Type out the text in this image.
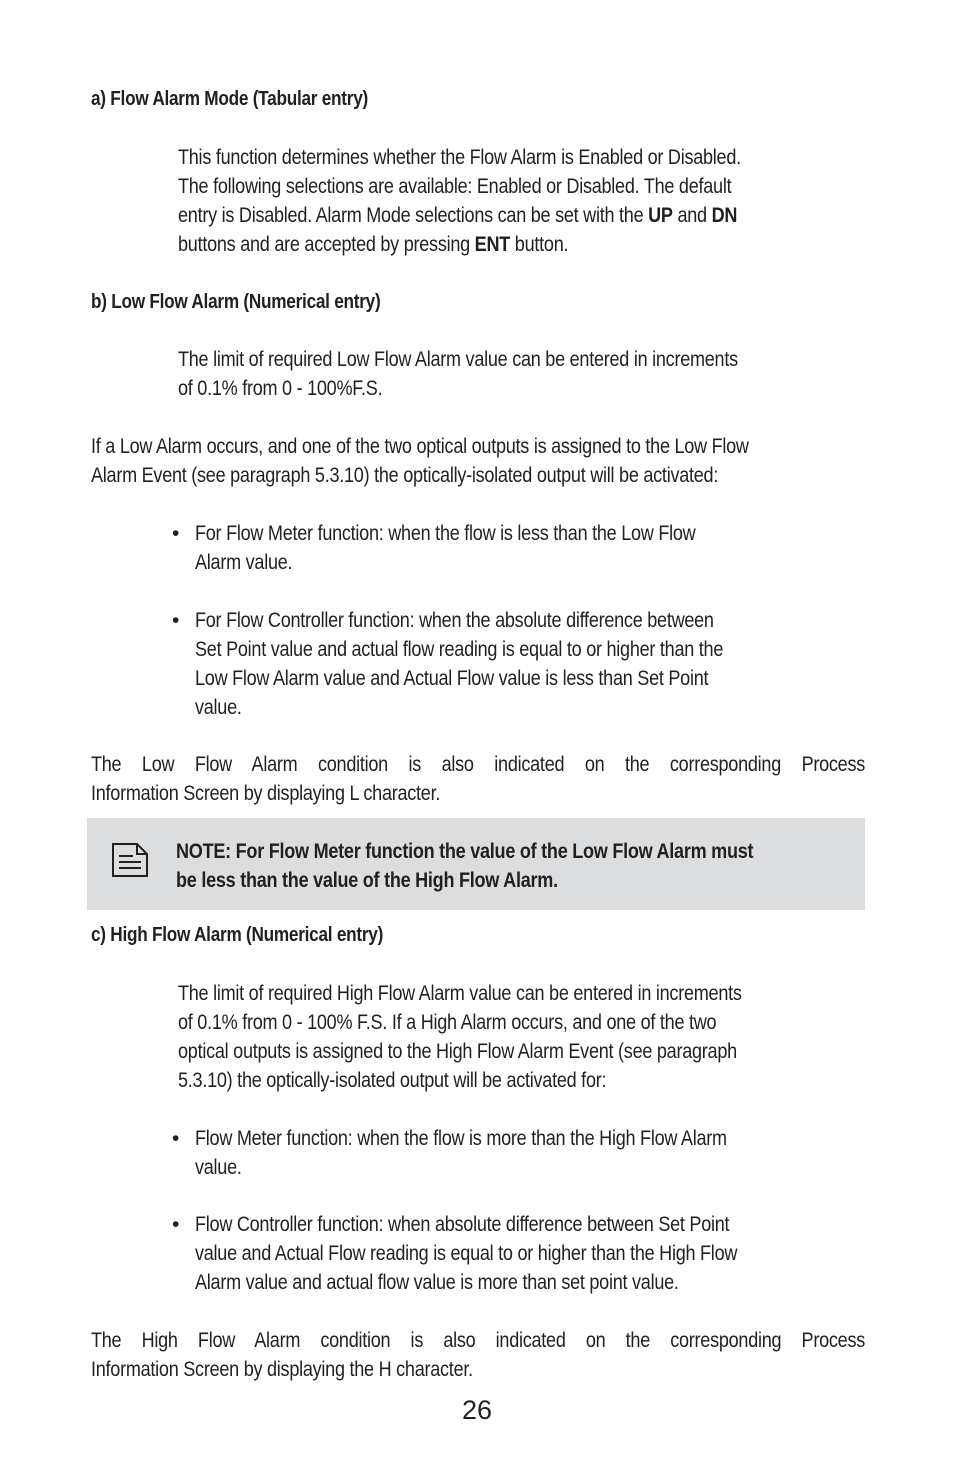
a) Flow Alarm Mode (Tabular entry)
This function determines whether the Flow Alarm is Enabled or Disabled.
The following selections are available: Enabled or Disabled. The default
entry is Disabled. Alarm Mode selections can be set with the UP and DN
buttons and are accepted by pressing ENT button.
b) Low Flow Alarm (Numerical entry)
The limit of required Low Flow Alarm value can be entered in increments
of 0.1% from 0 - 100%F.S.
If a Low Alarm occurs, and one of the two optical outputs is assigned to the Low Flow
Alarm Event (see paragraph 5.3.10) the optically-isolated output will be activated:
• For Flow Meter function: when the flow is less than the Low Flow
Alarm value.
• For Flow Controller function: when the absolute difference between
Set Point value and actual flow reading is equal to or higher than the
Low Flow Alarm value and Actual Flow value is less than Set Point
value.
The Low Flow Alarm condition is also indicated on the corresponding Process
Information Screen by displaying L character.
NOTE: For Flow Meter function the value of the Low Flow Alarm must
be less than the value of the High Flow Alarm.
c) High Flow Alarm (Numerical entry)
The limit of required High Flow Alarm value can be entered in increments
of 0.1% from 0 - 100% F.S. If a High Alarm occurs, and one of the two
optical outputs is assigned to the High Flow Alarm Event (see paragraph
5.3.10) the optically-isolated output will be activated for:
• Flow Meter function: when the flow is more than the High Flow Alarm
value.
• Flow Controller function: when absolute difference between Set Point
value and Actual Flow reading is equal to or higher than the High Flow
Alarm value and actual flow value is more than set point value.
The High Flow Alarm condition is also indicated on the corresponding Process
Information Screen by displaying the H character.
26
